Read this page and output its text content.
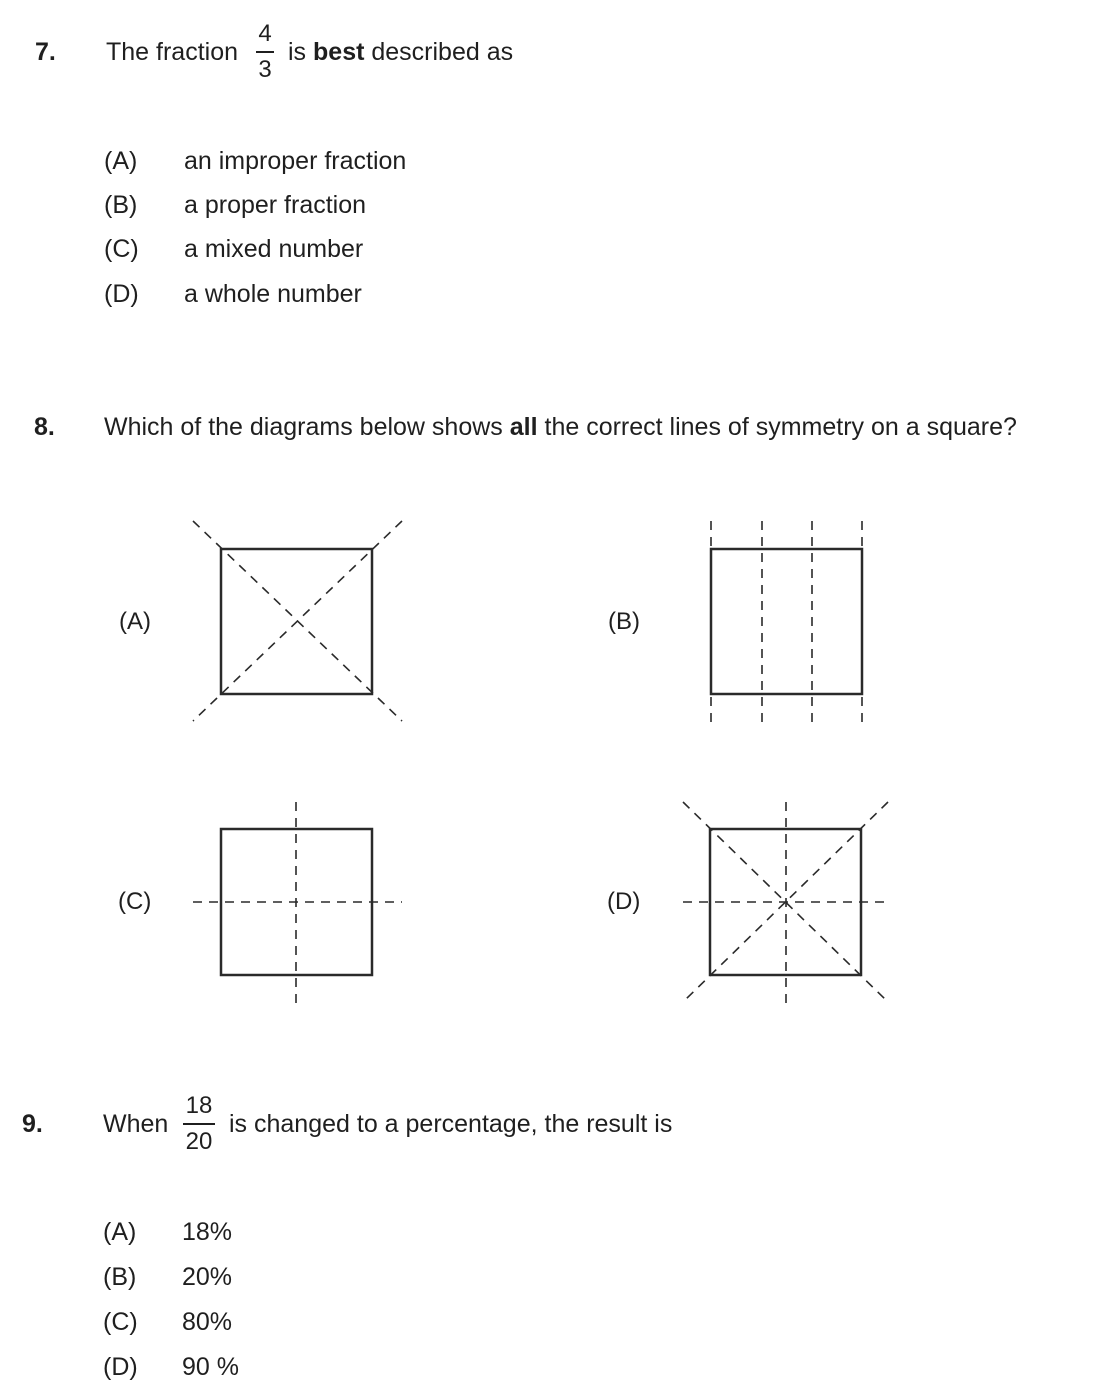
7. The fraction
4
3
is best described as
(A) an improper fraction
(B) a proper fraction
(C) a mixed number
(D) a whole number
8. Which of the diagrams below shows all the correct lines of symmetry on a square?
(A)	(B)
(C)	(D)
9. When
18
20
is changed to a percentage, the result is
(A) 18%
(B) 20%
(C) 80%
(D) 90 %
